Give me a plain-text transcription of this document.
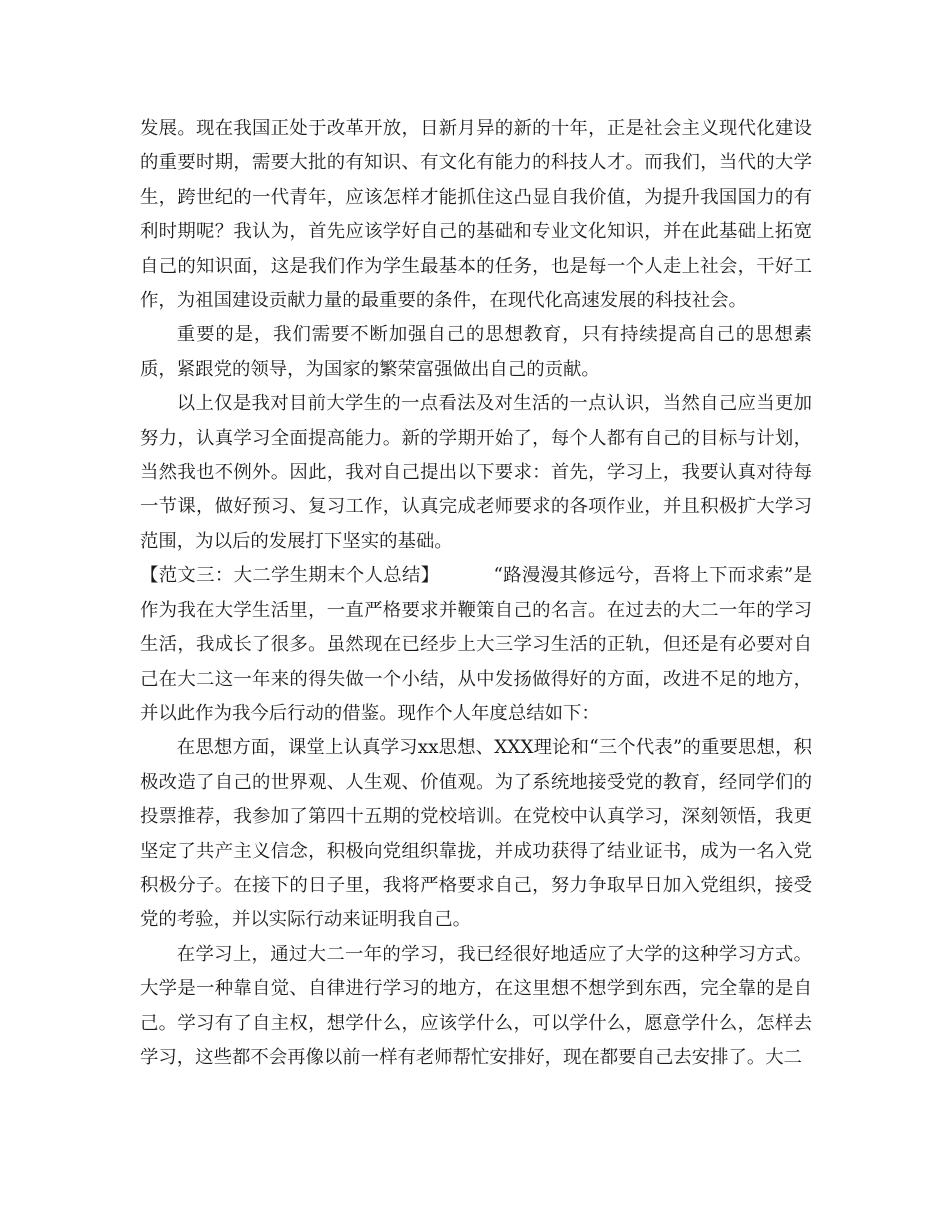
发展。现在我国正处于改革开放，日新月异的新的十年，正是社会主义现代化建设的重要时期，需要大批的有知识、有文化有能力的科技人才。而我们，当代的大学生，跨世纪的一代青年，应该怎样才能抓住这凸显自我价值，为提升我国国力的有利时期呢？我认为，首先应该学好自己的基础和专业文化知识，并在此基础上拓宽自己的知识面，这是我们作为学生最基本的任务，也是每一个人走上社会，干好工作，为祖国建设贡献力量的最重要的条件，在现代化高速发展的科技社会。

重要的是，我们需要不断加强自己的思想教育，只有持续提高自己的思想素质，紧跟党的领导，为国家的繁荣富强做出自己的贡献。

以上仅是我对目前大学生的一点看法及对生活的一点认识，当然自己应当更加努力，认真学习全面提高能力。新的学期开始了，每个人都有自己的目标与计划，当然我也不例外。因此，我对自己提出以下要求：首先，学习上，我要认真对待每一节课，做好预习、复习工作，认真完成老师要求的各项作业，并且积极扩大学习范围，为以后的发展打下坚实的基础。

【范文三：大二学生期末个人总结】	“路漫漫其修远兮，吾将上下而求索”是作为我在大学生活里，一直严格要求并鞭策自己的名言。在过去的大二一年的学习生活，我成长了很多。虽然现在已经步上大三学习生活的正轨，但还是有必要对自己在大二这一年来的得失做一个小结，从中发扬做得好的方面，改进不足的地方，并以此作为我今后行动的借鉴。现作个人年度总结如下：

在思想方面，课堂上认真学习xx思想、XXX理论和“三个代表”的重要思想，积极改造了自己的世界观、人生观、价值观。为了系统地接受党的教育，经同学们的投票推荐，我参加了第四十五期的党校培训。在党校中认真学习，深刻领悟，我更坚定了共产主义信念，积极向党组织靠拢，并成功获得了结业证书，成为一名入党积极分子。在接下的日子里，我将严格要求自己，努力争取早日加入党组织，接受党的考验，并以实际行动来证明我自己。

在学习上，通过大二一年的学习，我已经很好地适应了大学的这种学习方式。大学是一种靠自觉、自律进行学习的地方，在这里想不想学到东西，完全靠的是自己。学习有了自主权，想学什么，应该学什么，可以学什么，愿意学什么，怎样去学习，这些都不会再像以前一样有老师帮忙安排好，现在都要自己去安排了。大二
